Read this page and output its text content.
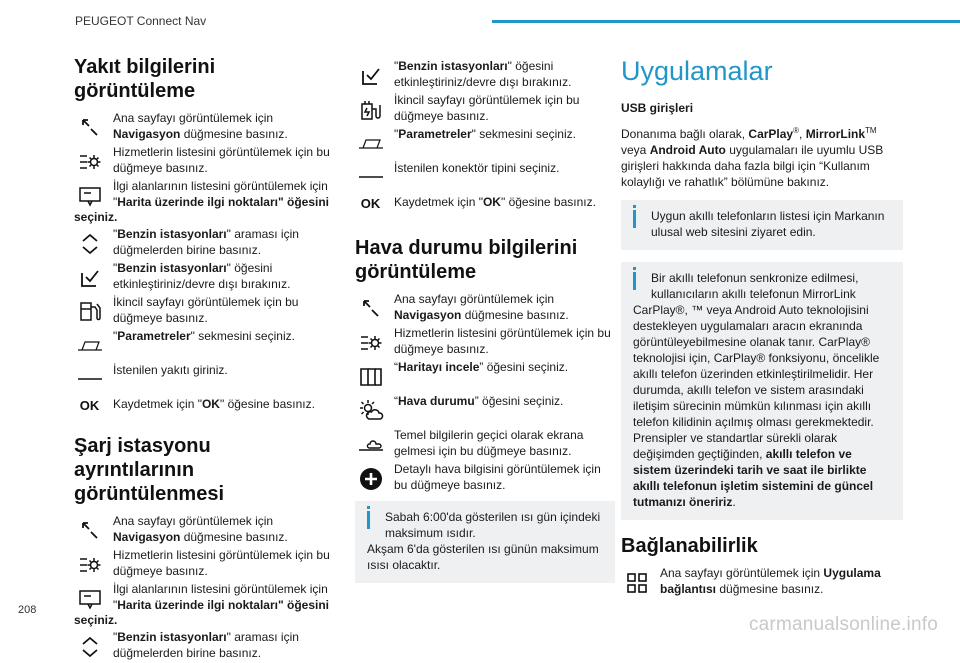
PEUGEOT Connect Nav
Yakıt bilgilerini görüntüleme
Ana sayfayı görüntülemek için Navigasyon düğmesine basınız.
Hizmetlerin listesini görüntülemek için bu düğmeye basınız.
İlgi alanlarının listesini görüntülemek için "Harita üzerinde ilgi noktaları" öğesini
seçiniz.
"Benzin istasyonları" araması için düğmelerden birine basınız.
"Benzin istasyonları" öğesini etkinleştiriniz/devre dışı bırakınız.
İkincil sayfayı görüntülemek için bu düğmeye basınız.
"Parametreler" sekmesini seçiniz.
İstenilen yakıtı giriniz.
OK	Kaydetmek için "OK" öğesine basınız.
Şarj istasyonu ayrıntılarının görüntülenmesi
Ana sayfayı görüntülemek için Navigasyon düğmesine basınız.
Hizmetlerin listesini görüntülemek için bu düğmeye basınız.
İlgi alanlarının listesini görüntülemek için "Harita üzerinde ilgi noktaları" öğesini
seçiniz.
"Benzin istasyonları" araması için düğmelerden birine basınız.
"Benzin istasyonları" öğesini etkinleştiriniz/devre dışı bırakınız.
İkincil sayfayı görüntülemek için bu düğmeye basınız.
"Parametreler" sekmesini seçiniz.
İstenilen konektör tipini seçiniz.
OK	Kaydetmek için "OK" öğesine basınız.
Hava durumu bilgilerini görüntüleme
Ana sayfayı görüntülemek için Navigasyon düğmesine basınız.
Hizmetlerin listesini görüntülemek için bu düğmeye basınız.
“Haritayı incele” öğesini seçiniz.
“Hava durumu” öğesini seçiniz.
Temel bilgilerin geçici olarak ekrana gelmesi için bu düğmeye basınız.
Detaylı hava bilgisini görüntülemek için bu düğmeye basınız.
Sabah 6:00'da gösterilen ısı gün içindeki maksimum ısıdır.
Akşam 6'da gösterilen ısı günün maksimum ısısı olacaktır.
Uygulamalar
USB girişleri
Donanıma bağlı olarak, CarPlay®, MirrorLink™
veya Android Auto uygulamaları ile uyumlu USB girişleri hakkında daha fazla bilgi için “Kullanım kolaylığı ve rahatlık” bölümüne bakınız.
Uygun akıllı telefonların listesi için Markanın ulusal web sitesini ziyaret edin.
Bir akıllı telefonun senkronize edilmesi, kullanıcıların akıllı telefonun MirrorLink
CarPlay®, ™ veya Android Auto teknolojisini destekleyen uygulamaları aracın ekranında görüntüleyebilmesine olanak tanır. CarPlay® teknolojisi için, CarPlay® fonksiyonu, öncelikle akıllı telefon üzerinden etkinleştirilmelidir. Her durumda, akıllı telefon ve sistem arasındaki iletişim sürecinin mümkün kılınması için akıllı telefon kilidinin açılmış olması gerekmektedir. Prensipler ve standartlar sürekli olarak değişimden geçtiğinden, akıllı telefon ve sistem üzerindeki tarih ve saat ile birlikte akıllı telefonun işletim sistemini de güncel tutmanızı öneririz.
Bağlanabilirlik
Ana sayfayı görüntülemek için Uygulama bağlantısı düğmesine basınız.
208
carmanualsonline.info
